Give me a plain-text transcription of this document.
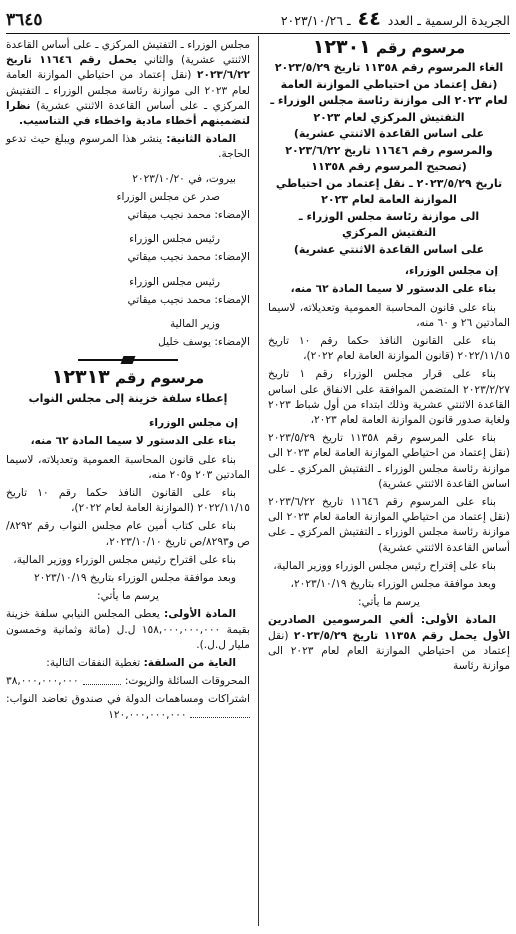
الجريدة الرسمية ـ العدد ٤٤ ـ ٢٠٢٣/١٠/٢٦
٣٦٤٥
مرسوم رقم ١٢٣٠١
الغاء المرسوم رقم ١١٣٥٨ تاريخ ٢٠٢٣/٥/٢٩
(نقل إعتماد من احتياطي الموازنة العامة
لعام ٢٠٢٣ الى موازنة رئاسة مجلس الوزراء ـ
التفتيش المركزي لعام ٢٠٢٣
على اساس القاعدة الاثنتي عشرية)
والمرسوم رقم ١١٦٤٦ تاريخ ٢٠٢٣/٦/٢٢
(تصحيح المرسوم رقم ١١٣٥٨
تاريخ ٢٠٢٣/٥/٢٩ ـ نقل إعتماد من احتياطي
الموازنة العامة لعام ٢٠٢٣
الى موازنة رئاسة مجلس الوزراء ـ
التفتيش المركزي
على اساس القاعدة الاثنتي عشرية)
إن مجلس الوزراء،
بناء على الدستور لا سيما المادة ٦٢ منه،
بناء على قانون المحاسبة العمومية وتعديلاته، لاسيما المادتين ٢٦ و ٦٠ منه،
بناء على القانون النافذ حكما رقم ١٠ تاريخ ٢٠٢٢/١١/١٥ (قانون الموازنة العامة لعام ٢٠٢٢)،
بناء على قرار مجلس الوزراء رقم ١ تاريخ ٢٠٢٣/٢/٢٧ المتضمن الموافقة على الانفاق على اساس القاعدة الاثنتي عشرية وذلك ابتداء من أول شباط ٢٠٢٣ ولغاية صدور قانون الموازنة العامة لعام ٢٠٢٣،
بناء على المرسوم رقم ١١٣٥٨ تاريخ ٢٠٢٣/٥/٢٩ (نقل إعتماد من احتياطي الموازنة العامة لعام ٢٠٢٣ الى موازنة رئاسة مجلس الوزراء ـ التفتيش المركزي ـ على اساس القاعدة الاثنتي عشرية)
بناء على المرسوم رقم ١١٦٤٦ تاريخ ٢٠٢٣/٦/٢٢ (نقل إعتماد من احتياطي الموازنة العامة لعام ٢٠٢٣ الى موازنة رئاسة مجلس الوزراء ـ التفتيش المركزي ـ على أساس القاعدة الاثنتي عشرية)
بناء على إقتراح رئيس مجلس الوزراء ووزير المالية،
وبعد موافقة مجلس الوزراء بتاريخ ٢٠٢٣/١٠/١٩،
يرسم ما يأتي:
المادة الأولى: ألغي المرسومين الصادرين الأول يحمل رقم ١١٣٥٨ تاريخ ٢٠٢٣/٥/٢٩ (نقل إعتماد من احتياطي الموازنة العام لعام ٢٠٢٣ الى موازنة رئاسة
مجلس الوزراء ـ التفتيش المركزي ـ على أساس القاعدة الاثنتي عشرية) والثاني يحمل رقم ١١٦٤٦ تاريخ ٢٠٢٣/٦/٢٢ (نقل إعتماد من احتياطي الموازنة العامة لعام ٢٠٢٣ الى موازنة رئاسة مجلس الوزراء ـ التفتيش المركزي ـ على أساس القاعدة الاثنتي عشرية) نظرا لتضمينهم أخطاء مادية واخطاء في التناسيب.
المادة الثانية: ينشر هذا المرسوم ويبلغ حيث تدعو الحاجة.
بيروت، في ٢٠٢٣/١٠/٢٠
صدر عن مجلس الوزراء
الإمضاء: محمد نجيب ميقاتي
رئيس مجلس الوزراء
الإمضاء: محمد نجيب ميقاتي
رئيس مجلس الوزراء
الإمضاء: محمد نجيب ميقاتي
وزير المالية
الإمضاء: يوسف خليل
مرسوم رقم ١٢٣١٣
إعطاء سلفة خزينة إلى مجلس النواب
إن مجلس الوزراء
بناء على الدستور لا سيما المادة ٦٢ منه،
بناء على قانون المحاسبة العمومية وتعديلاته، لاسيما المادتين ٢٠٣ و٢٠٥ منه،
بناء على القانون النافذ حكما رقم ١٠ تاريخ ٢٠٢٢/١١/١٥ (الموازنة العامة لعام ٢٠٢٢)،
بناء على كتاب أمين عام مجلس النواب رقم ٨٢٩٢/ص و٨٢٩٣/ص تاريخ ٢٠٢٣/١٠/١٠،
بناء على اقتراح رئيس مجلس الوزراء ووزير المالية،
وبعد موافقة مجلس الوزراء بتاريخ ٢٠٢٣/١٠/١٩
يرسم ما يأتي:
المادة الأولى: يعطى المجلس النيابي سلفة خزينة بقيمة ١٥٨,٠٠٠,٠٠٠,٠٠٠ ل.ل (مائة وثمانية وخمسون مليار ل.ل.).
الغاية من السلفة: تغطية النفقات التالية:
المحروقات السائلة والزيوت:
٣٨,٠٠٠,٠٠٠,٠٠٠
اشتراكات ومساهمات الدولة في صندوق تعاضد النواب:  ١٢٠,٠٠٠,٠٠٠,٠٠٠
